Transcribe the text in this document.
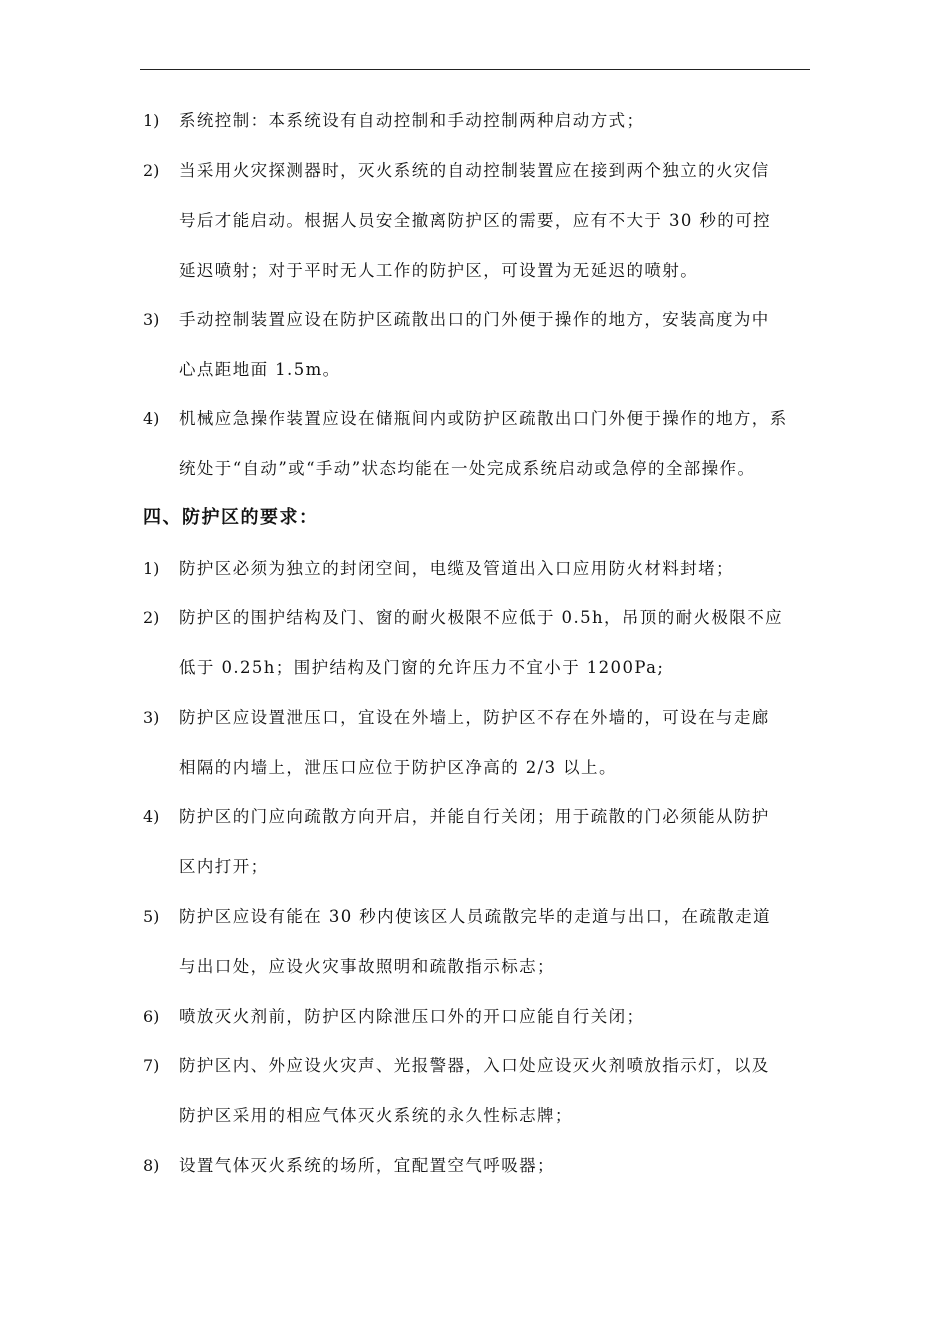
1) 系统控制：本系统设有自动控制和手动控制两种启动方式；
2) 当采用火灾探测器时，灭火系统的自动控制装置应在接到两个独立的火灾信
号后才能启动。根据人员安全撤离防护区的需要，应有不大于 30 秒的可控
延迟喷射；对于平时无人工作的防护区，可设置为无延迟的喷射。
3) 手动控制装置应设在防护区疏散出口的门外便于操作的地方，安装高度为中
心点距地面 1.5m。
4) 机械应急操作装置应设在储瓶间内或防护区疏散出口门外便于操作的地方，系
统处于“自动”或“手动”状态均能在一处完成系统启动或急停的全部操作。
四、防护区的要求：
1) 防护区必须为独立的封闭空间，电缆及管道出入口应用防火材料封堵；
2) 防护区的围护结构及门、窗的耐火极限不应低于 0.5h，吊顶的耐火极限不应
低于 0.25h；围护结构及门窗的允许压力不宜小于 1200Pa;
3) 防护区应设置泄压口，宜设在外墙上，防护区不存在外墙的，可设在与走廊
相隔的内墙上，泄压口应位于防护区净高的 2/3 以上。
4) 防护区的门应向疏散方向开启，并能自行关闭；用于疏散的门必须能从防护
区内打开；
5) 防护区应设有能在 30 秒内使该区人员疏散完毕的走道与出口，在疏散走道
与出口处，应设火灾事故照明和疏散指示标志；
6) 喷放灭火剂前，防护区内除泄压口外的开口应能自行关闭；
7) 防护区内、外应设火灾声、光报警器，入口处应设灭火剂喷放指示灯，以及
防护区采用的相应气体灭火系统的永久性标志牌；
8) 设置气体灭火系统的场所，宜配置空气呼吸器；
